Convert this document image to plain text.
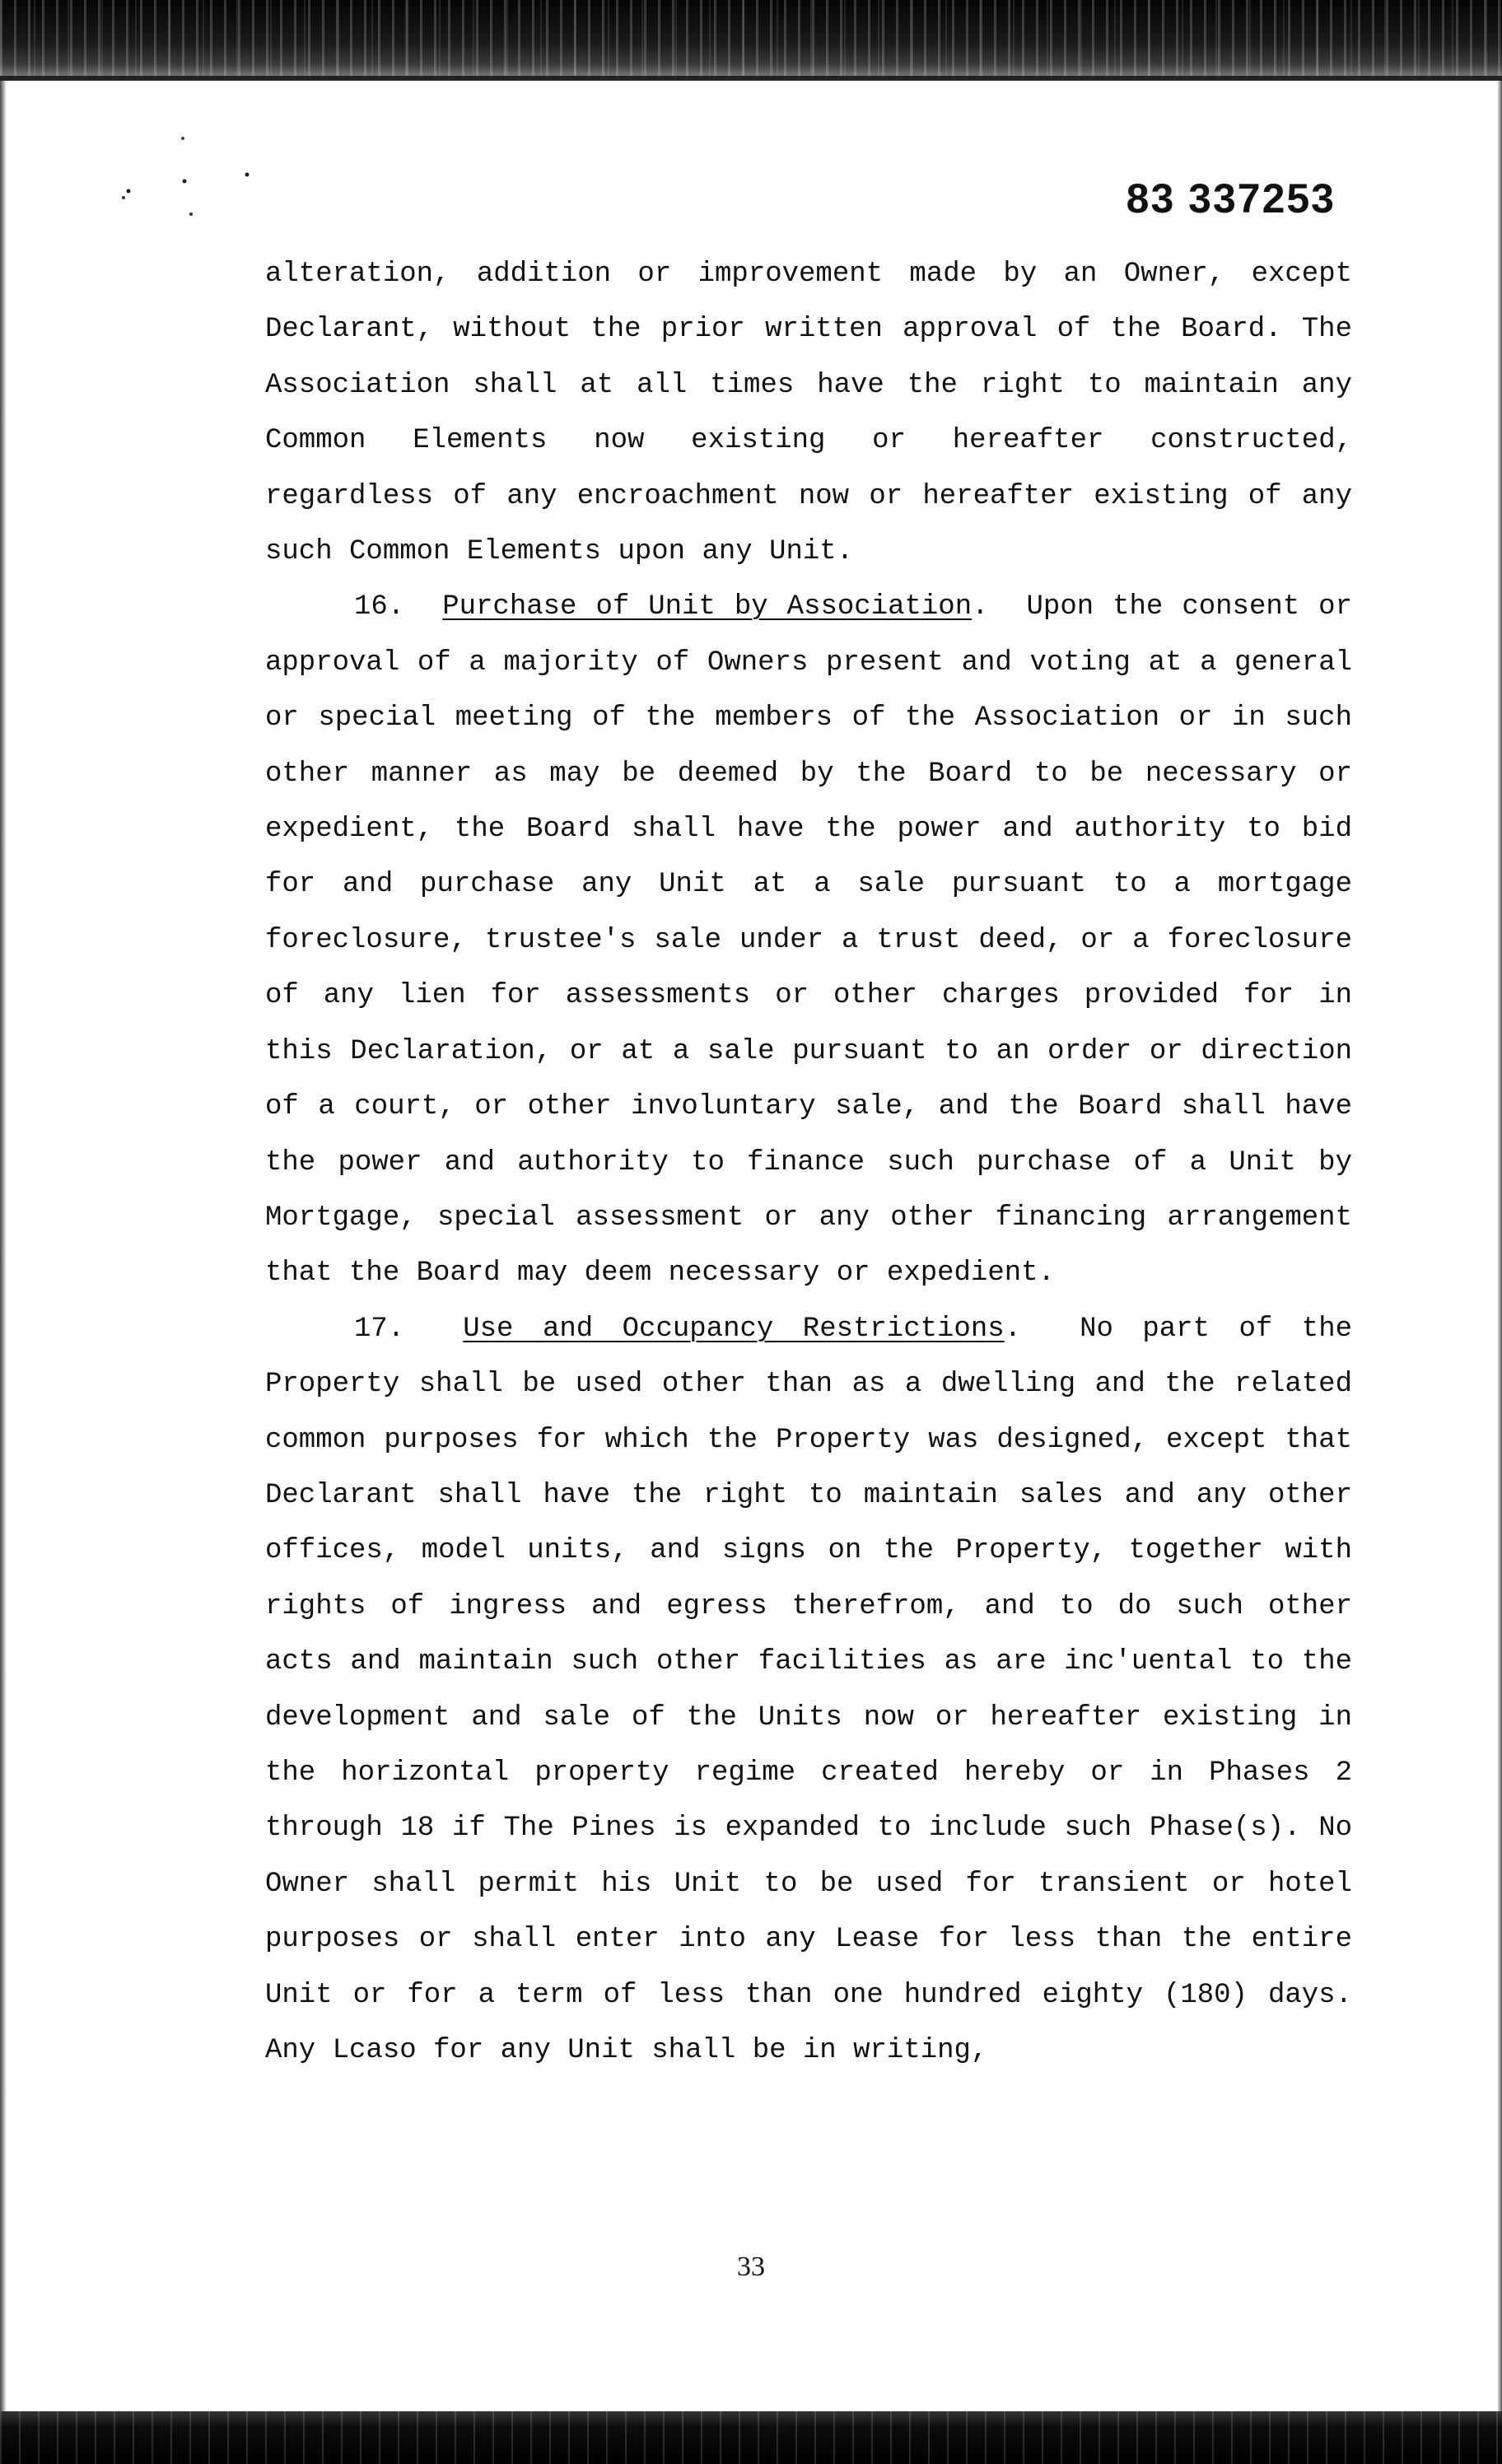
83 337253

alteration, addition or improvement made by an Owner, except Declarant, without the prior written approval of the Board. The Association shall at all times have the right to maintain any Common Elements now existing or hereafter constructed, regardless of any encroachment now or hereafter existing of any such Common Elements upon any Unit.

16. Purchase of Unit by Association. Upon the consent or approval of a majority of Owners present and voting at a general or special meeting of the members of the Association or in such other manner as may be deemed by the Board to be necessary or expedient, the Board shall have the power and authority to bid for and purchase any Unit at a sale pursuant to a mortgage foreclosure, trustee's sale under a trust deed, or a foreclosure of any lien for assessments or other charges provided for in this Declaration, or at a sale pursuant to an order or direction of a court, or other involuntary sale, and the Board shall have the power and authority to finance such purchase of a Unit by Mortgage, special assessment or any other financing arrangement that the Board may deem necessary or expedient.

17. Use and Occupancy Restrictions. No part of the Property shall be used other than as a dwelling and the related common purposes for which the Property was designed, except that Declarant shall have the right to maintain sales and any other offices, model units, and signs on the Property, together with rights of ingress and egress therefrom, and to do such other acts and maintain such other facilities as are inc'uental to the development and sale of the Units now or hereafter existing in the horizontal property regime created hereby or in Phases 2 through 18 if The Pines is expanded to include such Phase(s). No Owner shall permit his Unit to be used for transient or hotel purposes or shall enter into any Lease for less than the entire Unit or for a term of less than one hundred eighty (180) days. Any Lcaso for any Unit shall be in writing,

33
